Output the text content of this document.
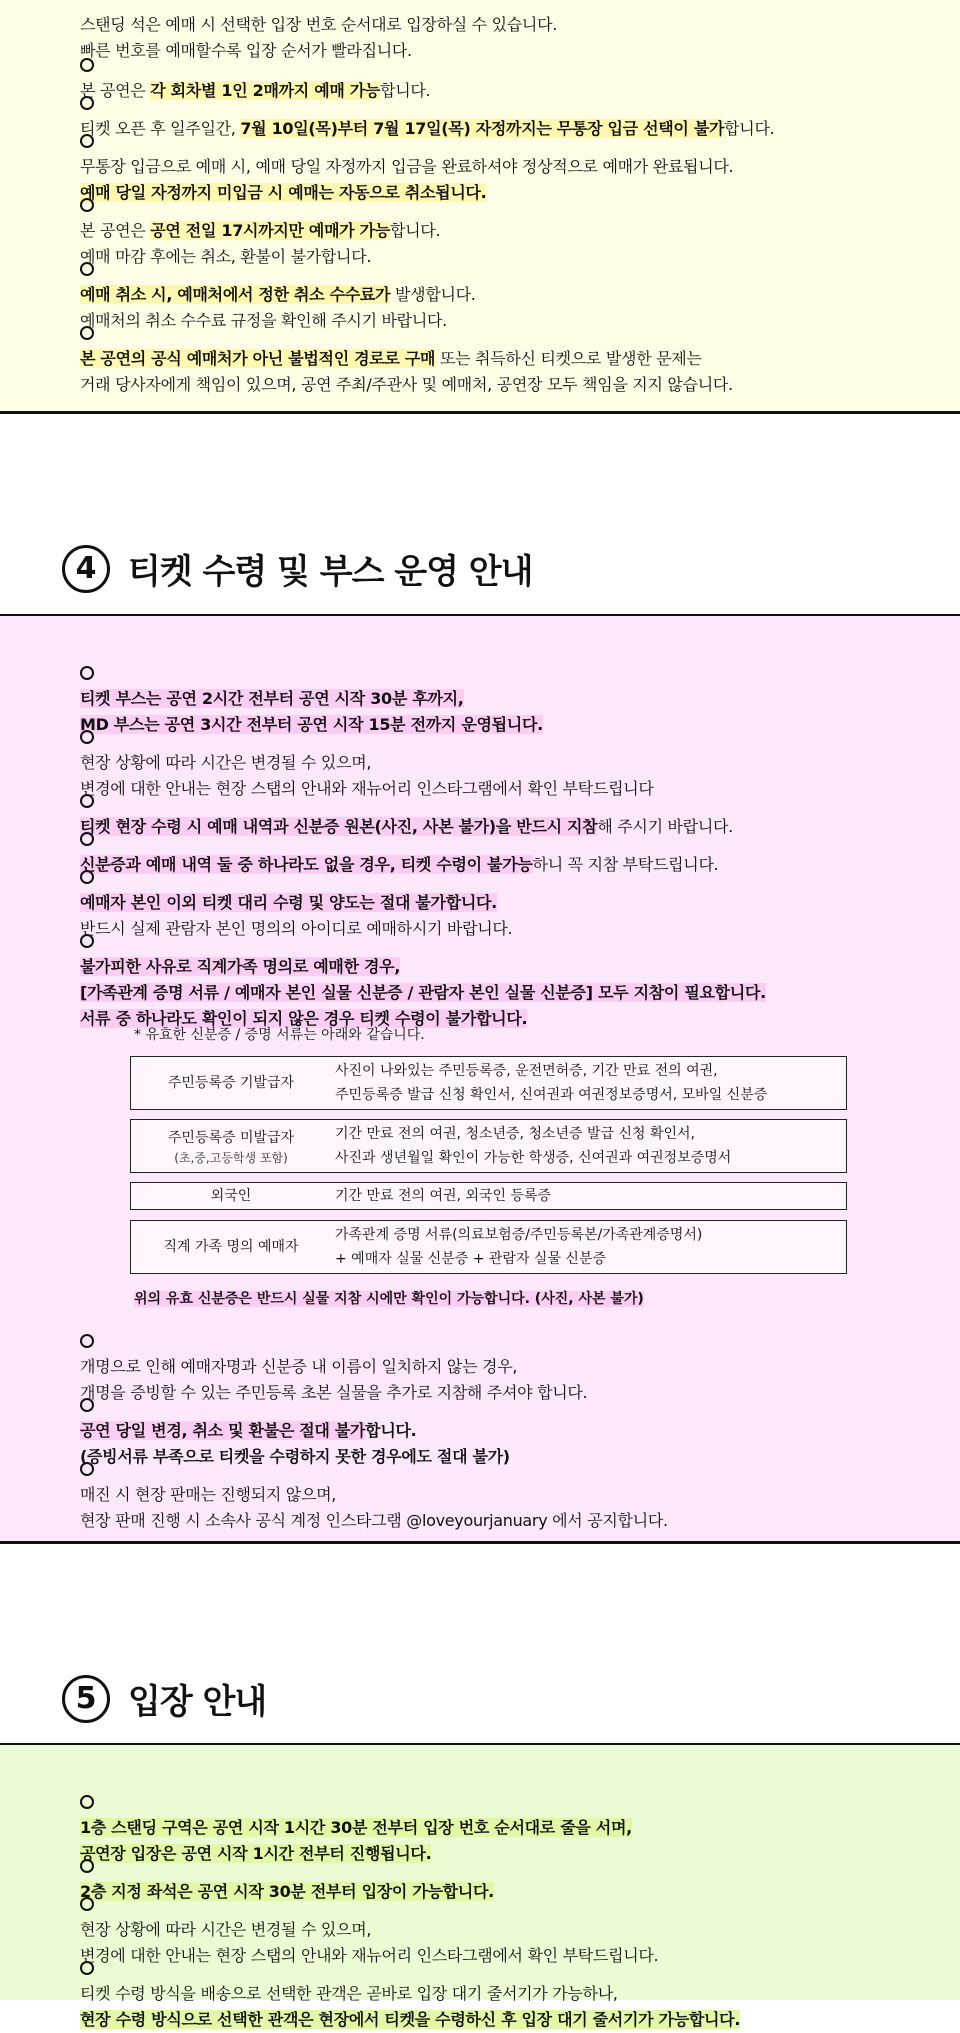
스탠딩 석은 예매 시 선택한 입장 번호 순서대로 입장하실 수 있습니다.
빠른 번호를 예매할수록 입장 순서가 빨라집니다.
본 공연은 각 회차별 1인 2매까지 예매 가능합니다.
티켓 오픈 후 일주일간, 7월 10일(목)부터 7월 17일(목) 자정까지는 무통장 입금 선택이 불가합니다.
무통장 입금으로 예매 시, 예매 당일 자정까지 입금을 완료하셔야 정상적으로 예매가 완료됩니다.
예매 당일 자정까지 미입금 시 예매는 자동으로 취소됩니다.
본 공연은 공연 전일 17시까지만 예매가 가능합니다.
예매 마감 후에는 취소, 환불이 불가합니다.
예매 취소 시, 예매처에서 정한 취소 수수료가 발생합니다.
예매처의 취소 수수료 규정을 확인해 주시기 바랍니다.
본 공연의 공식 예매처가 아닌 불법적인 경로로 구매 또는 취득하신 티켓으로 발생한 문제는
거래 당사자에게 책임이 있으며, 공연 주최/주관사 및 예매처, 공연장 모두 책임을 지지 않습니다.
4 티켓 수령 및 부스 운영 안내
티켓 부스는 공연 2시간 전부터 공연 시작 30분 후까지,
MD 부스는 공연 3시간 전부터 공연 시작 15분 전까지 운영됩니다.
현장 상황에 따라 시간은 변경될 수 있으며,
변경에 대한 안내는 현장 스탭의 안내와 재뉴어리 인스타그램에서 확인 부탁드립니다
티켓 현장 수령 시 예매 내역과 신분증 원본(사진, 사본 불가)을 반드시 지참해 주시기 바랍니다.
신분증과 예매 내역 둘 중 하나라도 없을 경우, 티켓 수령이 불가능하니 꼭 지참 부탁드립니다.
예매자 본인 이외 티켓 대리 수령 및 양도는 절대 불가합니다.
반드시 실제 관람자 본인 명의의 아이디로 예매하시기 바랍니다.
불가피한 사유로 직계가족 명의로 예매한 경우,
[가족관계 증명 서류 / 예매자 본인 실물 신분증 / 관람자 본인 실물 신분증] 모두 지참이 필요합니다.
서류 중 하나라도 확인이 되지 않은 경우 티켓 수령이 불가합니다.
* 유효한 신분증 / 증명 서류는 아래와 같습니다.
주민등록증 기발급자
사진이 나와있는 주민등록증, 운전면허증, 기간 만료 전의 여권,
주민등록증 발급 신청 확인서, 신여권과 여권정보증명서, 모바일 신분증
주민등록증 미발급자
(초,중,고등학생 포함)
기간 만료 전의 여권, 청소년증, 청소년증 발급 신청 확인서,
사진과 생년월일 확인이 가능한 학생증, 신여권과 여권정보증명서
외국인	기간 만료 전의 여권, 외국인 등록증
직계 가족 명의 예매자
가족관계 증명 서류(의료보험증/주민등록본/가족관계증명서)
+ 예매자 실물 신분증 + 관람자 실물 신분증
위의 유효 신분증은 반드시 실물 지참 시에만 확인이 가능합니다. (사진, 사본 불가)
개명으로 인해 예매자명과 신분증 내 이름이 일치하지 않는 경우,
개명을 증빙할 수 있는 주민등록 초본 실물을 추가로 지참해 주셔야 합니다.
공연 당일 변경, 취소 및 환불은 절대 불가합니다.
(증빙서류 부족으로 티켓을 수령하지 못한 경우에도 절대 불가)
매진 시 현장 판매는 진행되지 않으며,
현장 판매 진행 시 소속사 공식 계정 인스타그램 @loveyourjanuary 에서 공지합니다.
5 입장 안내
1층 스탠딩 구역은 공연 시작 1시간 30분 전부터 입장 번호 순서대로 줄을 서며,
공연장 입장은 공연 시작 1시간 전부터 진행됩니다.
2층 지정 좌석은 공연 시작 30분 전부터 입장이 가능합니다.
현장 상황에 따라 시간은 변경될 수 있으며,
변경에 대한 안내는 현장 스탭의 안내와 재뉴어리 인스타그램에서 확인 부탁드립니다.
티켓 수령 방식을 배송으로 선택한 관객은 곧바로 입장 대기 줄서기가 가능하나,
현장 수령 방식으로 선택한 관객은 현장에서 티켓을 수령하신 후 입장 대기 줄서기가 가능합니다.
